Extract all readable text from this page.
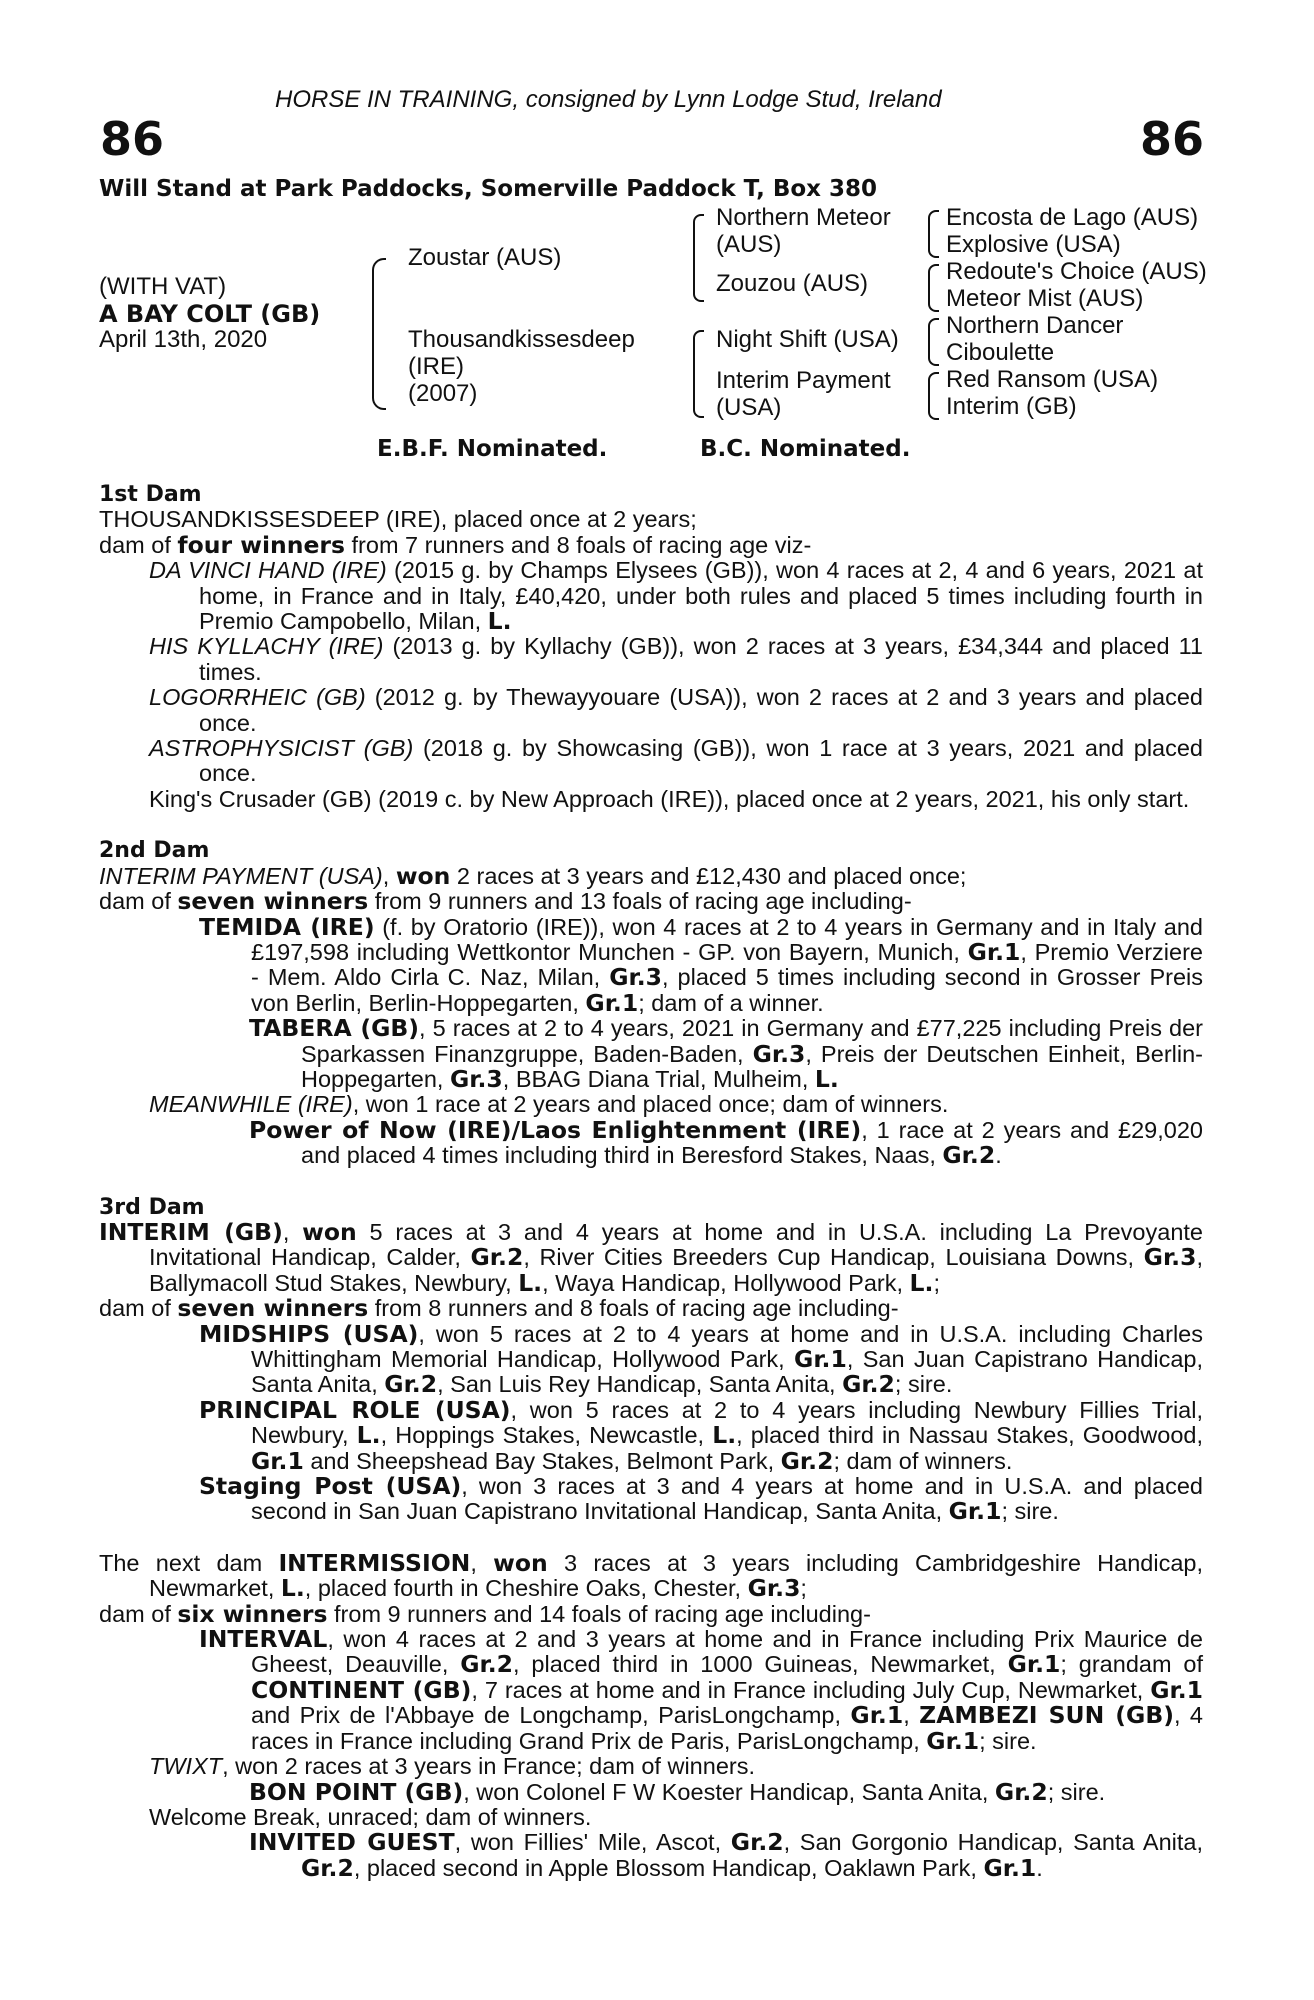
HORSE IN TRAINING, consigned by Lynn Lodge Stud, Ireland
86	86
Will Stand at Park Paddocks, Somerville Paddock T, Box 380
(WITH VAT)
A BAY COLT (GB)
April 13th, 2020
Zoustar (AUS)
Thousandkissesdeep
(IRE)
(2007)
Northern Meteor
(AUS)
Zouzou (AUS)
Night Shift (USA)
Interim Payment
(USA)
Encosta de Lago (AUS)
Explosive (USA)
Redoute's Choice (AUS)
Meteor Mist (AUS)
Northern Dancer
Ciboulette
Red Ransom (USA)
Interim (GB)
E.B.F. Nominated.	B.C. Nominated.
1st Dam
THOUSANDKISSESDEEP (IRE), placed once at 2 years;
dam of four winners from 7 runners and 8 foals of racing age viz-
DA VINCI HAND (IRE) (2015 g. by Champs Elysees (GB)), won 4 races at 2, 4 and 6 years, 2021 at home, in France and in Italy, £40,420, under both rules and placed 5 times including fourth in Premio Campobello, Milan, L.
HIS KYLLACHY (IRE) (2013 g. by Kyllachy (GB)), won 2 races at 3 years, £34,344 and placed 11 times.
LOGORRHEIC (GB) (2012 g. by Thewayyouare (USA)), won 2 races at 2 and 3 years and placed once.
ASTROPHYSICIST (GB) (2018 g. by Showcasing (GB)), won 1 race at 3 years, 2021 and placed once.
King's Crusader (GB) (2019 c. by New Approach (IRE)), placed once at 2 years, 2021, his only start.
2nd Dam
INTERIM PAYMENT (USA), won 2 races at 3 years and £12,430 and placed once;
dam of seven winners from 9 runners and 13 foals of racing age including-
TEMIDA (IRE) (f. by Oratorio (IRE)), won 4 races at 2 to 4 years in Germany and in Italy and £197,598 including Wettkontor Munchen - GP. von Bayern, Munich, Gr.1, Premio Verziere - Mem. Aldo Cirla C. Naz, Milan, Gr.3, placed 5 times including second in Grosser Preis von Berlin, Berlin-Hoppegarten, Gr.1; dam of a winner.
TABERA (GB), 5 races at 2 to 4 years, 2021 in Germany and £77,225 including Preis der Sparkassen Finanzgruppe, Baden-Baden, Gr.3, Preis der Deutschen Einheit, Berlin-Hoppegarten, Gr.3, BBAG Diana Trial, Mulheim, L.
MEANWHILE (IRE), won 1 race at 2 years and placed once; dam of winners.
Power of Now (IRE)/Laos Enlightenment (IRE), 1 race at 2 years and £29,020 and placed 4 times including third in Beresford Stakes, Naas, Gr.2.
3rd Dam
INTERIM (GB), won 5 races at 3 and 4 years at home and in U.S.A. including La Prevoyante Invitational Handicap, Calder, Gr.2, River Cities Breeders Cup Handicap, Louisiana Downs, Gr.3, Ballymacoll Stud Stakes, Newbury, L., Waya Handicap, Hollywood Park, L.;
dam of seven winners from 8 runners and 8 foals of racing age including-
MIDSHIPS (USA), won 5 races at 2 to 4 years at home and in U.S.A. including Charles Whittingham Memorial Handicap, Hollywood Park, Gr.1, San Juan Capistrano Handicap, Santa Anita, Gr.2, San Luis Rey Handicap, Santa Anita, Gr.2; sire.
PRINCIPAL ROLE (USA), won 5 races at 2 to 4 years including Newbury Fillies Trial, Newbury, L., Hoppings Stakes, Newcastle, L., placed third in Nassau Stakes, Goodwood, Gr.1 and Sheepshead Bay Stakes, Belmont Park, Gr.2; dam of winners.
Staging Post (USA), won 3 races at 3 and 4 years at home and in U.S.A. and placed second in San Juan Capistrano Invitational Handicap, Santa Anita, Gr.1; sire.
The next dam INTERMISSION, won 3 races at 3 years including Cambridgeshire Handicap, Newmarket, L., placed fourth in Cheshire Oaks, Chester, Gr.3;
dam of six winners from 9 runners and 14 foals of racing age including-
INTERVAL, won 4 races at 2 and 3 years at home and in France including Prix Maurice de Gheest, Deauville, Gr.2, placed third in 1000 Guineas, Newmarket, Gr.1; grandam of CONTINENT (GB), 7 races at home and in France including July Cup, Newmarket, Gr.1 and Prix de l'Abbaye de Longchamp, ParisLongchamp, Gr.1, ZAMBEZI SUN (GB), 4 races in France including Grand Prix de Paris, ParisLongchamp, Gr.1; sire.
TWIXT, won 2 races at 3 years in France; dam of winners.
BON POINT (GB), won Colonel F W Koester Handicap, Santa Anita, Gr.2; sire.
Welcome Break, unraced; dam of winners.
INVITED GUEST, won Fillies' Mile, Ascot, Gr.2, San Gorgonio Handicap, Santa Anita, Gr.2, placed second in Apple Blossom Handicap, Oaklawn Park, Gr.1.
